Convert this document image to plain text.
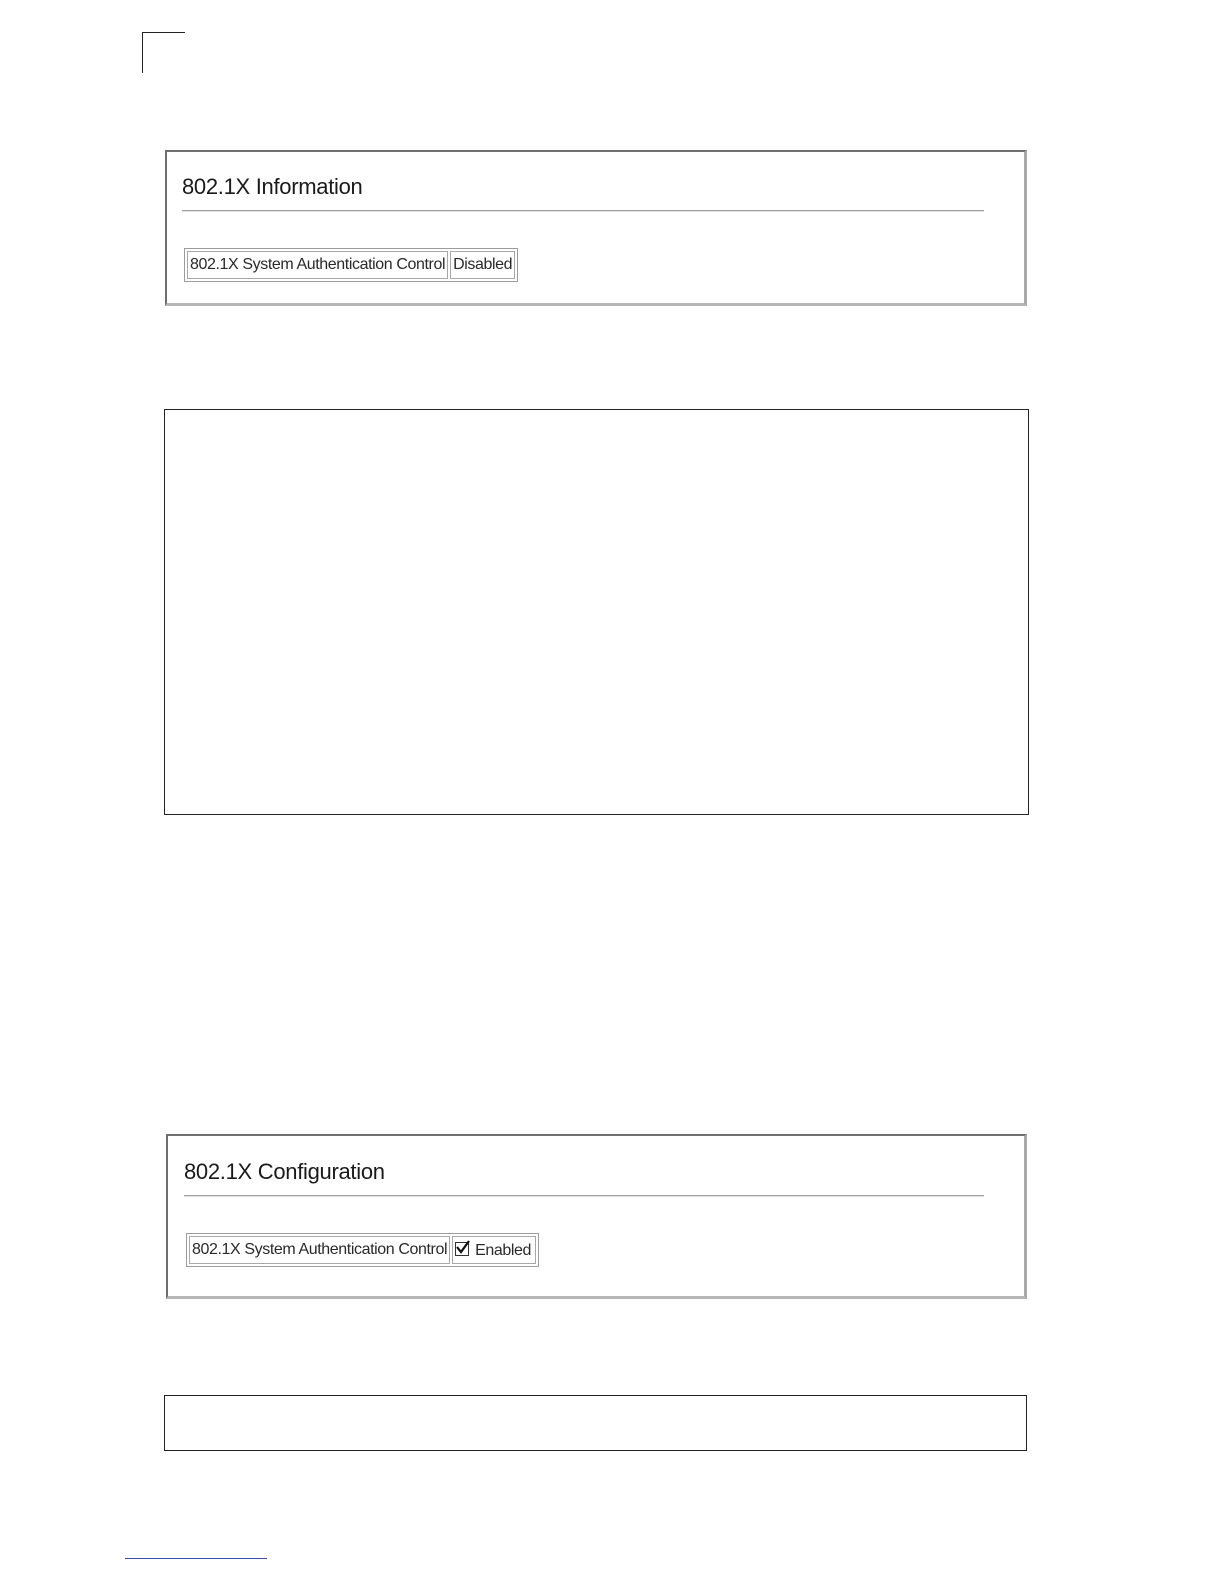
802.1X Information
802.1X System Authentication Control	Disabled
802.1X Configuration
802.1X System Authentication Control	Enabled
